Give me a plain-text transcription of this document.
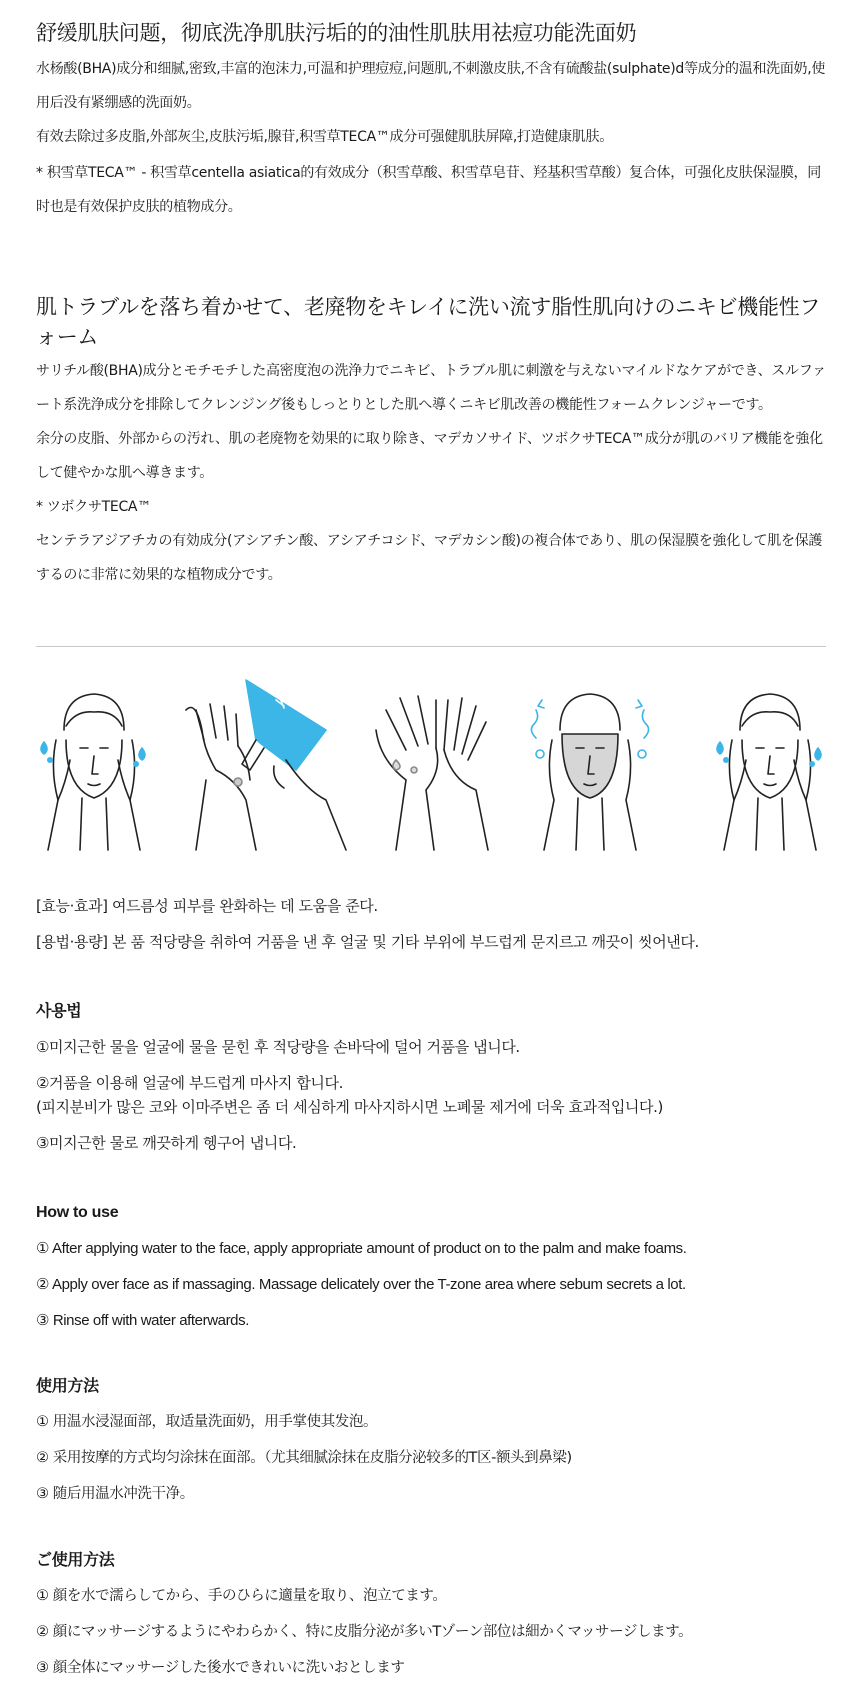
舒缓肌肤问题，彻底洗净肌肤污垢的的油性肌肤用祛痘功能洗面奶

水杨酸(BHA)成分和细腻,密致,丰富的泡沫力,可温和护理痘痘,问题肌,不刺激皮肤,不含有硫酸盐(sulphate)d等成分的温和洗面奶,使用后没有紧绷感的洗面奶。

有效去除过多皮脂,外部灰尘,皮肤污垢,腺苷,积雪草TECA™成分可强健肌肤屏障,打造健康肌肤。

* 积雪草TECA™ - 积雪草centella asiatica的有效成分（积雪草酸、积雪草皂苷、羟基积雪草酸）复合体，可强化皮肤保湿膜，同时也是有效保护皮肤的植物成分。

肌トラブルを落ち着かせて、老廃物をキレイに洗い流す脂性肌向けのニキビ機能性フォーム

サリチル酸(BHA)成分とモチモチした高密度泡の洗浄力でニキビ、トラブル肌に刺激を与えないマイルドなケアができ、スルファート系洗浄成分を排除してクレンジング後もしっとりとした肌へ導くニキビ肌改善の機能性フォームクレンジャーです。

余分の皮脂、外部からの汚れ、肌の老廃物を効果的に取り除き、マデカソサイド、ツボクサTECA™成分が肌のバリア機能を強化して健やかな肌へ導きます。

* ツボクサTECA™

センテラアジアチカの有効成分(アシアチン酸、アシアチコシド、マデカシン酸)の複合体であり、肌の保湿膜を強化して肌を保護するのに非常に効果的な植物成分です。

[효능·효과] 여드름성 피부를 완화하는 데 도움을 준다.

[용법·용량] 본 품 적당량을 취하여 거품을 낸 후 얼굴 및 기타 부위에 부드럽게 문지르고 깨끗이 씻어낸다.

사용법
①미지근한 물을 얼굴에 물을 묻힌 후 적당량을 손바닥에 덜어 거품을 냅니다.
②거품을 이용해 얼굴에 부드럽게 마사지 합니다.
(피지분비가 많은 코와 이마주변은 좀 더 세심하게 마사지하시면 노폐물 제거에 더욱 효과적입니다.)
③미지근한 물로 깨끗하게 헹구어 냅니다.
How to use
① After applying water to the face, apply appropriate amount of product on to the palm and make foams.
② Apply over face as if massaging. Massage delicately over the T-zone area where sebum secrets a lot.
③ Rinse off with water afterwards.
使用方法
① 用温水浸湿面部，取适量洗面奶，用手掌使其发泡。
② 采用按摩的方式均匀涂抹在面部。（尤其细腻涂抹在皮脂分泌较多的T区-额头到鼻梁)
③ 随后用温水冲洗干净。
ご使用方法
① 顔を水で濡らしてから、手のひらに適量を取り、泡立てます。
② 顔にマッサージするようにやわらかく、特に皮脂分泌が多いTゾーン部位は細かくマッサージします。
③ 顔全体にマッサージした後水できれいに洗いおとします
